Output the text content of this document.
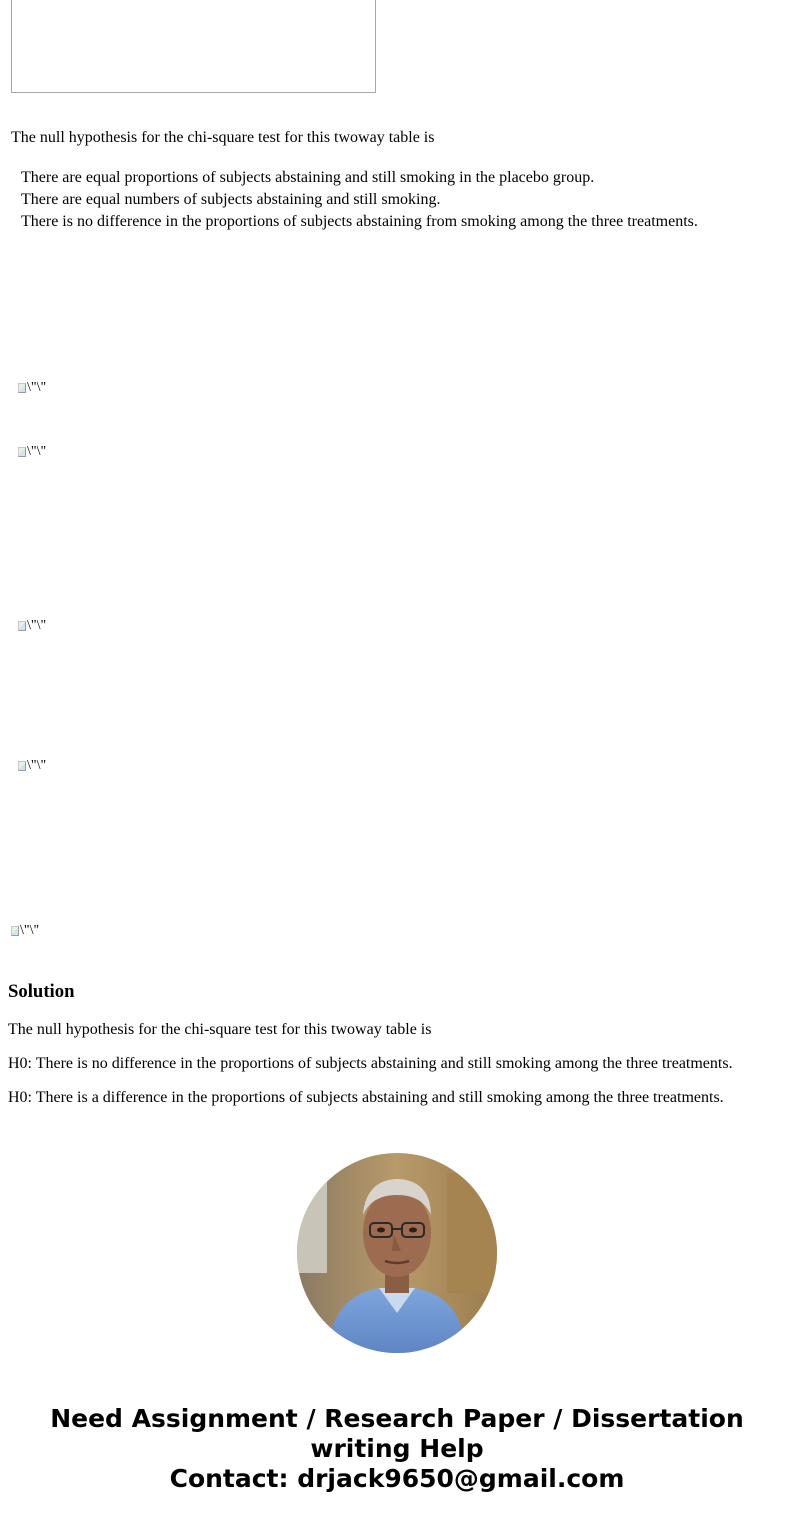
The null hypothesis for the chi-square test for this twoway table is

There are equal proportions of subjects abstaining and still smoking in the placebo group.
There are equal numbers of subjects abstaining and still smoking.
There is no difference in the proportions of subjects abstaining from smoking among the three treatments.
\"\"
\"\"
\"\"
\"\"
\"\"
Solution

The null hypothesis for the chi-square test for this twoway table is

H0: There is no difference in the proportions of subjects abstaining and still smoking among the three treatments.

H0: There is a difference in the proportions of subjects abstaining and still smoking among the three treatments.

Need Assignment / Research Paper / Dissertation
writing Help
Contact: drjack9650@gmail.com
